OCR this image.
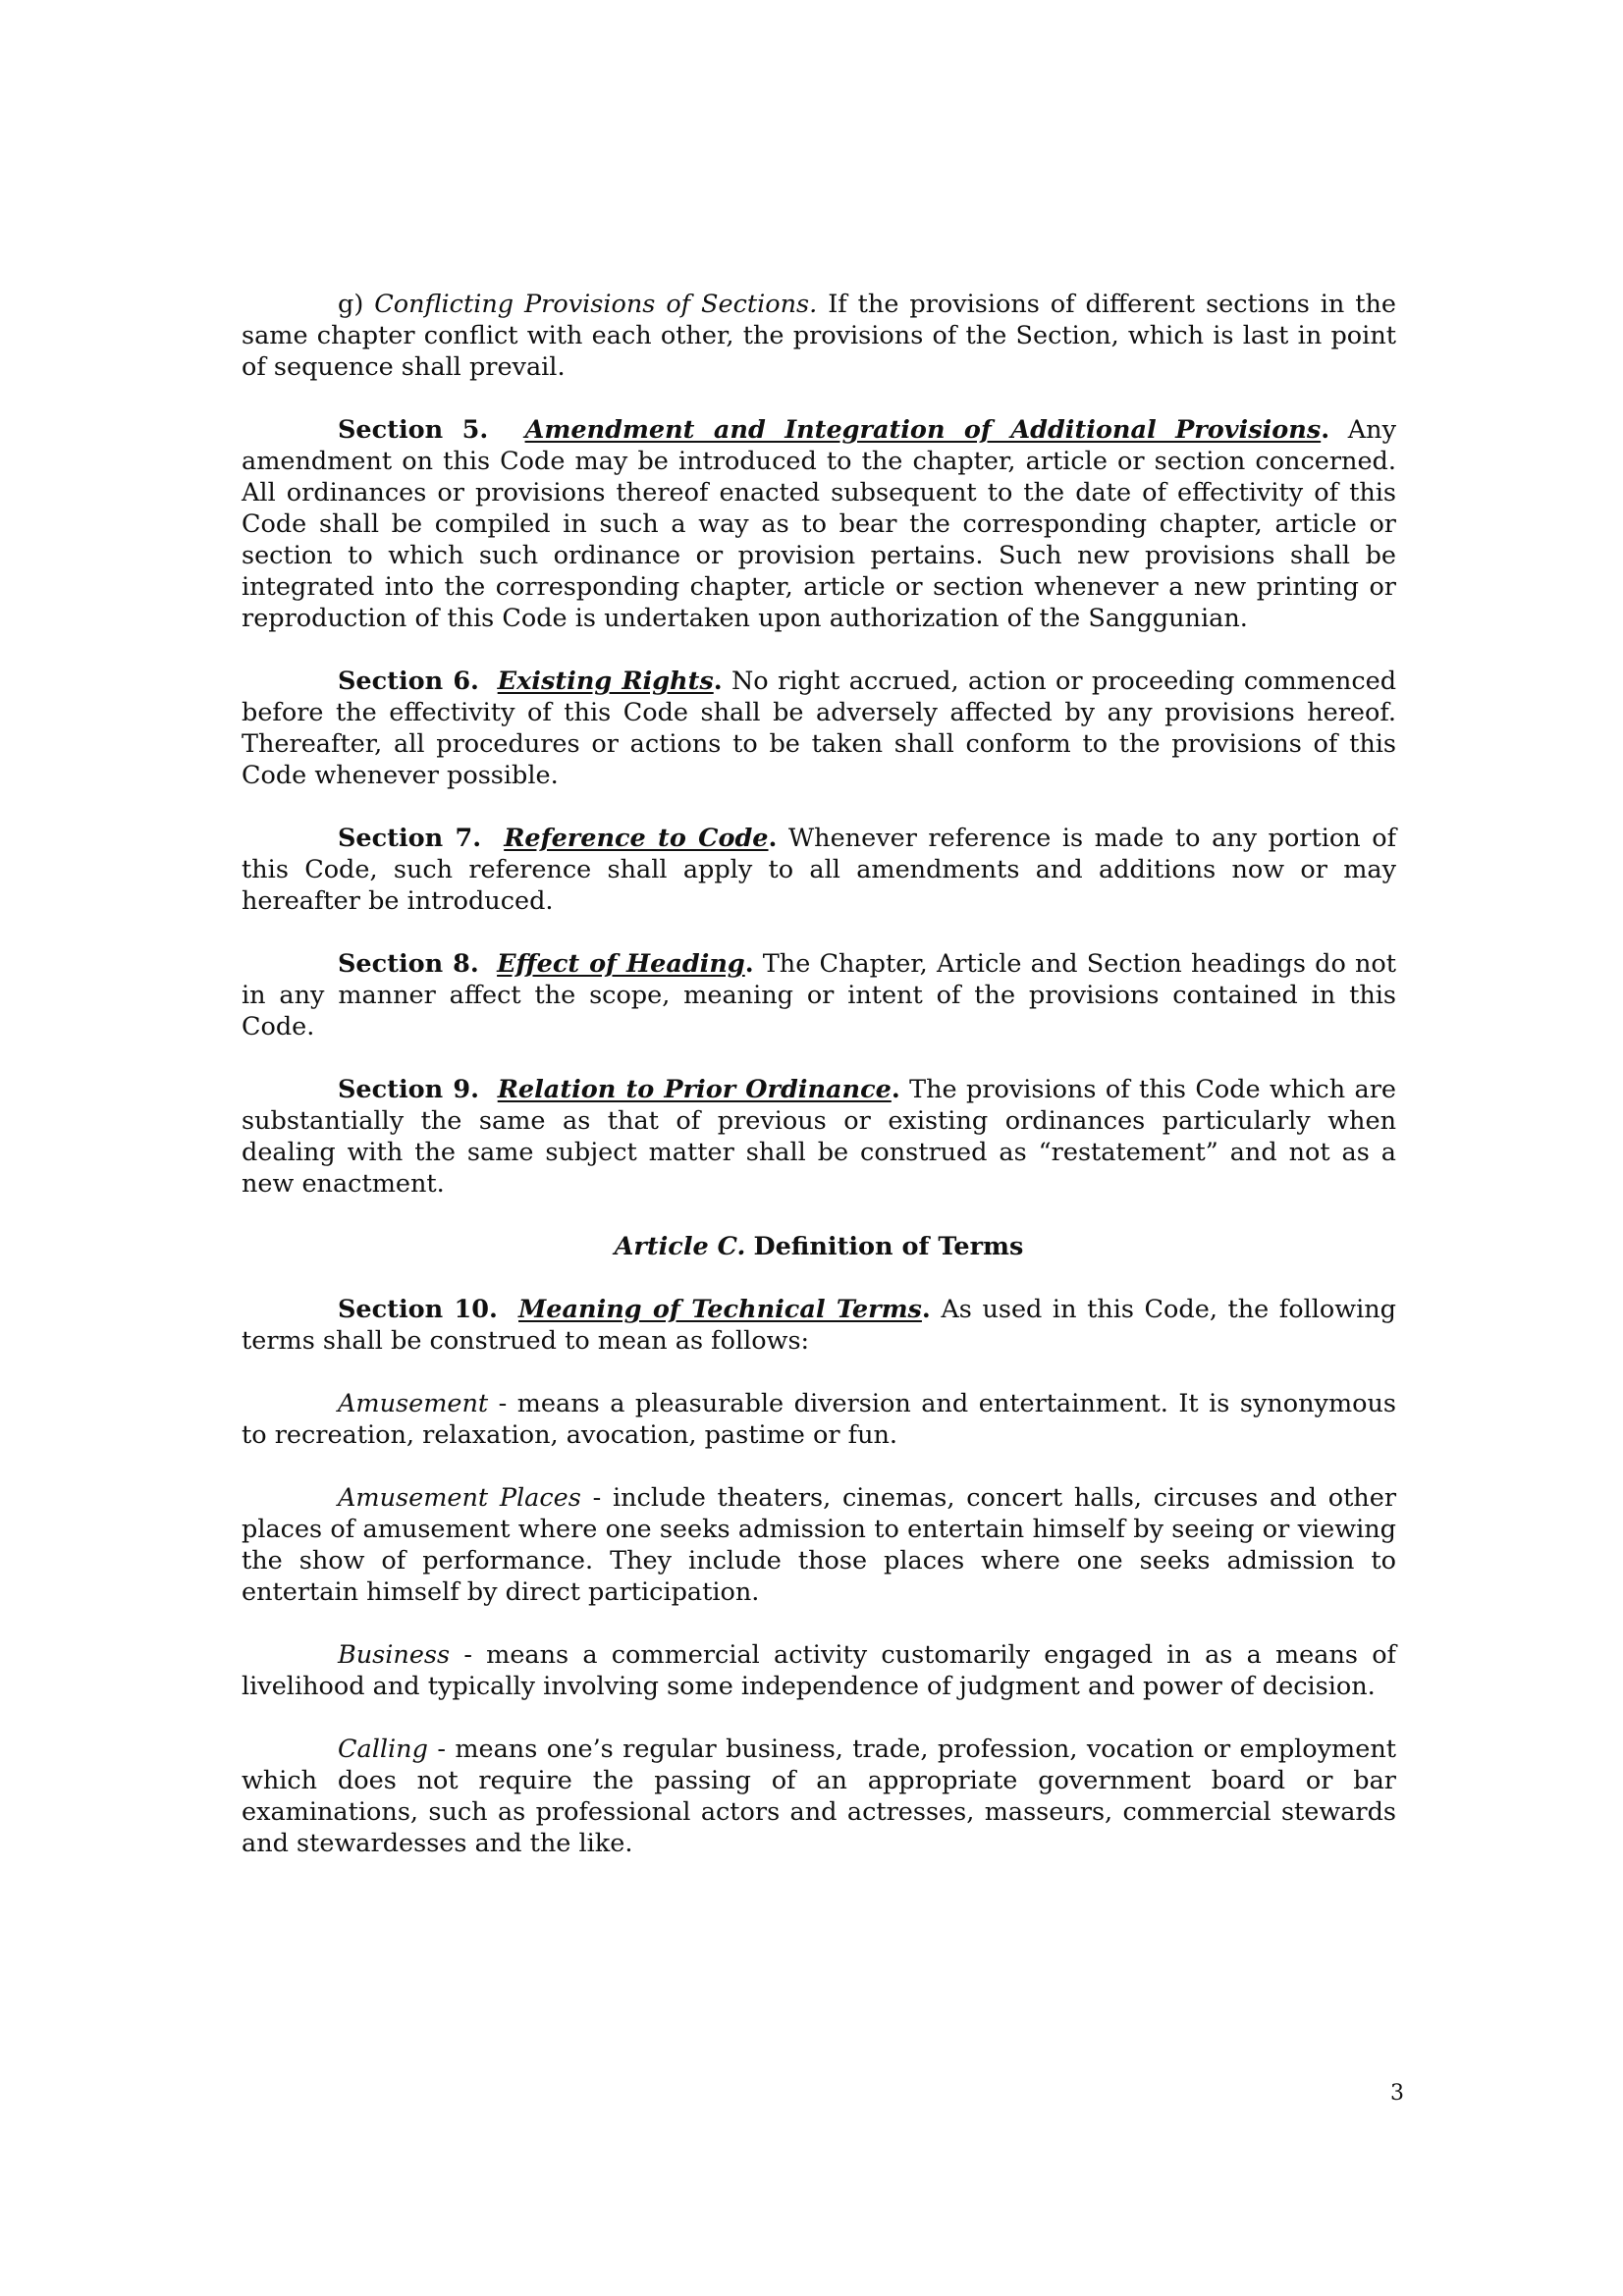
g) Conflicting Provisions of Sections. If the provisions of different sections in the same chapter conflict with each other, the provisions of the Section, which is last in point of sequence shall prevail.

Section 5. Amendment and Integration of Additional Provisions. Any amendment on this Code may be introduced to the chapter, article or section concerned. All ordinances or provisions thereof enacted subsequent to the date of effectivity of this Code shall be compiled in such a way as to bear the corresponding chapter, article or section to which such ordinance or provision pertains. Such new provisions shall be integrated into the corresponding chapter, article or section whenever a new printing or reproduction of this Code is undertaken upon authorization of the Sanggunian.

Section 6. Existing Rights. No right accrued, action or proceeding commenced before the effectivity of this Code shall be adversely affected by any provisions hereof. Thereafter, all procedures or actions to be taken shall conform to the provisions of this Code whenever possible.

Section 7. Reference to Code. Whenever reference is made to any portion of this Code, such reference shall apply to all amendments and additions now or may hereafter be introduced.

Section 8. Effect of Heading. The Chapter, Article and Section headings do not in any manner affect the scope, meaning or intent of the provisions contained in this Code.

Section 9. Relation to Prior Ordinance. The provisions of this Code which are substantially the same as that of previous or existing ordinances particularly when dealing with the same subject matter shall be construed as “restatement” and not as a new enactment.

Article C. Definition of Terms

Section 10. Meaning of Technical Terms. As used in this Code, the following terms shall be construed to mean as follows:

Amusement - means a pleasurable diversion and entertainment. It is synonymous to recreation, relaxation, avocation, pastime or fun.

Amusement Places - include theaters, cinemas, concert halls, circuses and other places of amusement where one seeks admission to entertain himself by seeing or viewing the show of performance. They include those places where one seeks admission to entertain himself by direct participation.

Business - means a commercial activity customarily engaged in as a means of livelihood and typically involving some independence of judgment and power of decision.

Calling - means one’s regular business, trade, profession, vocation or employment which does not require the passing of an appropriate government board or bar examinations, such as professional actors and actresses, masseurs, commercial stewards and stewardesses and the like.

3
